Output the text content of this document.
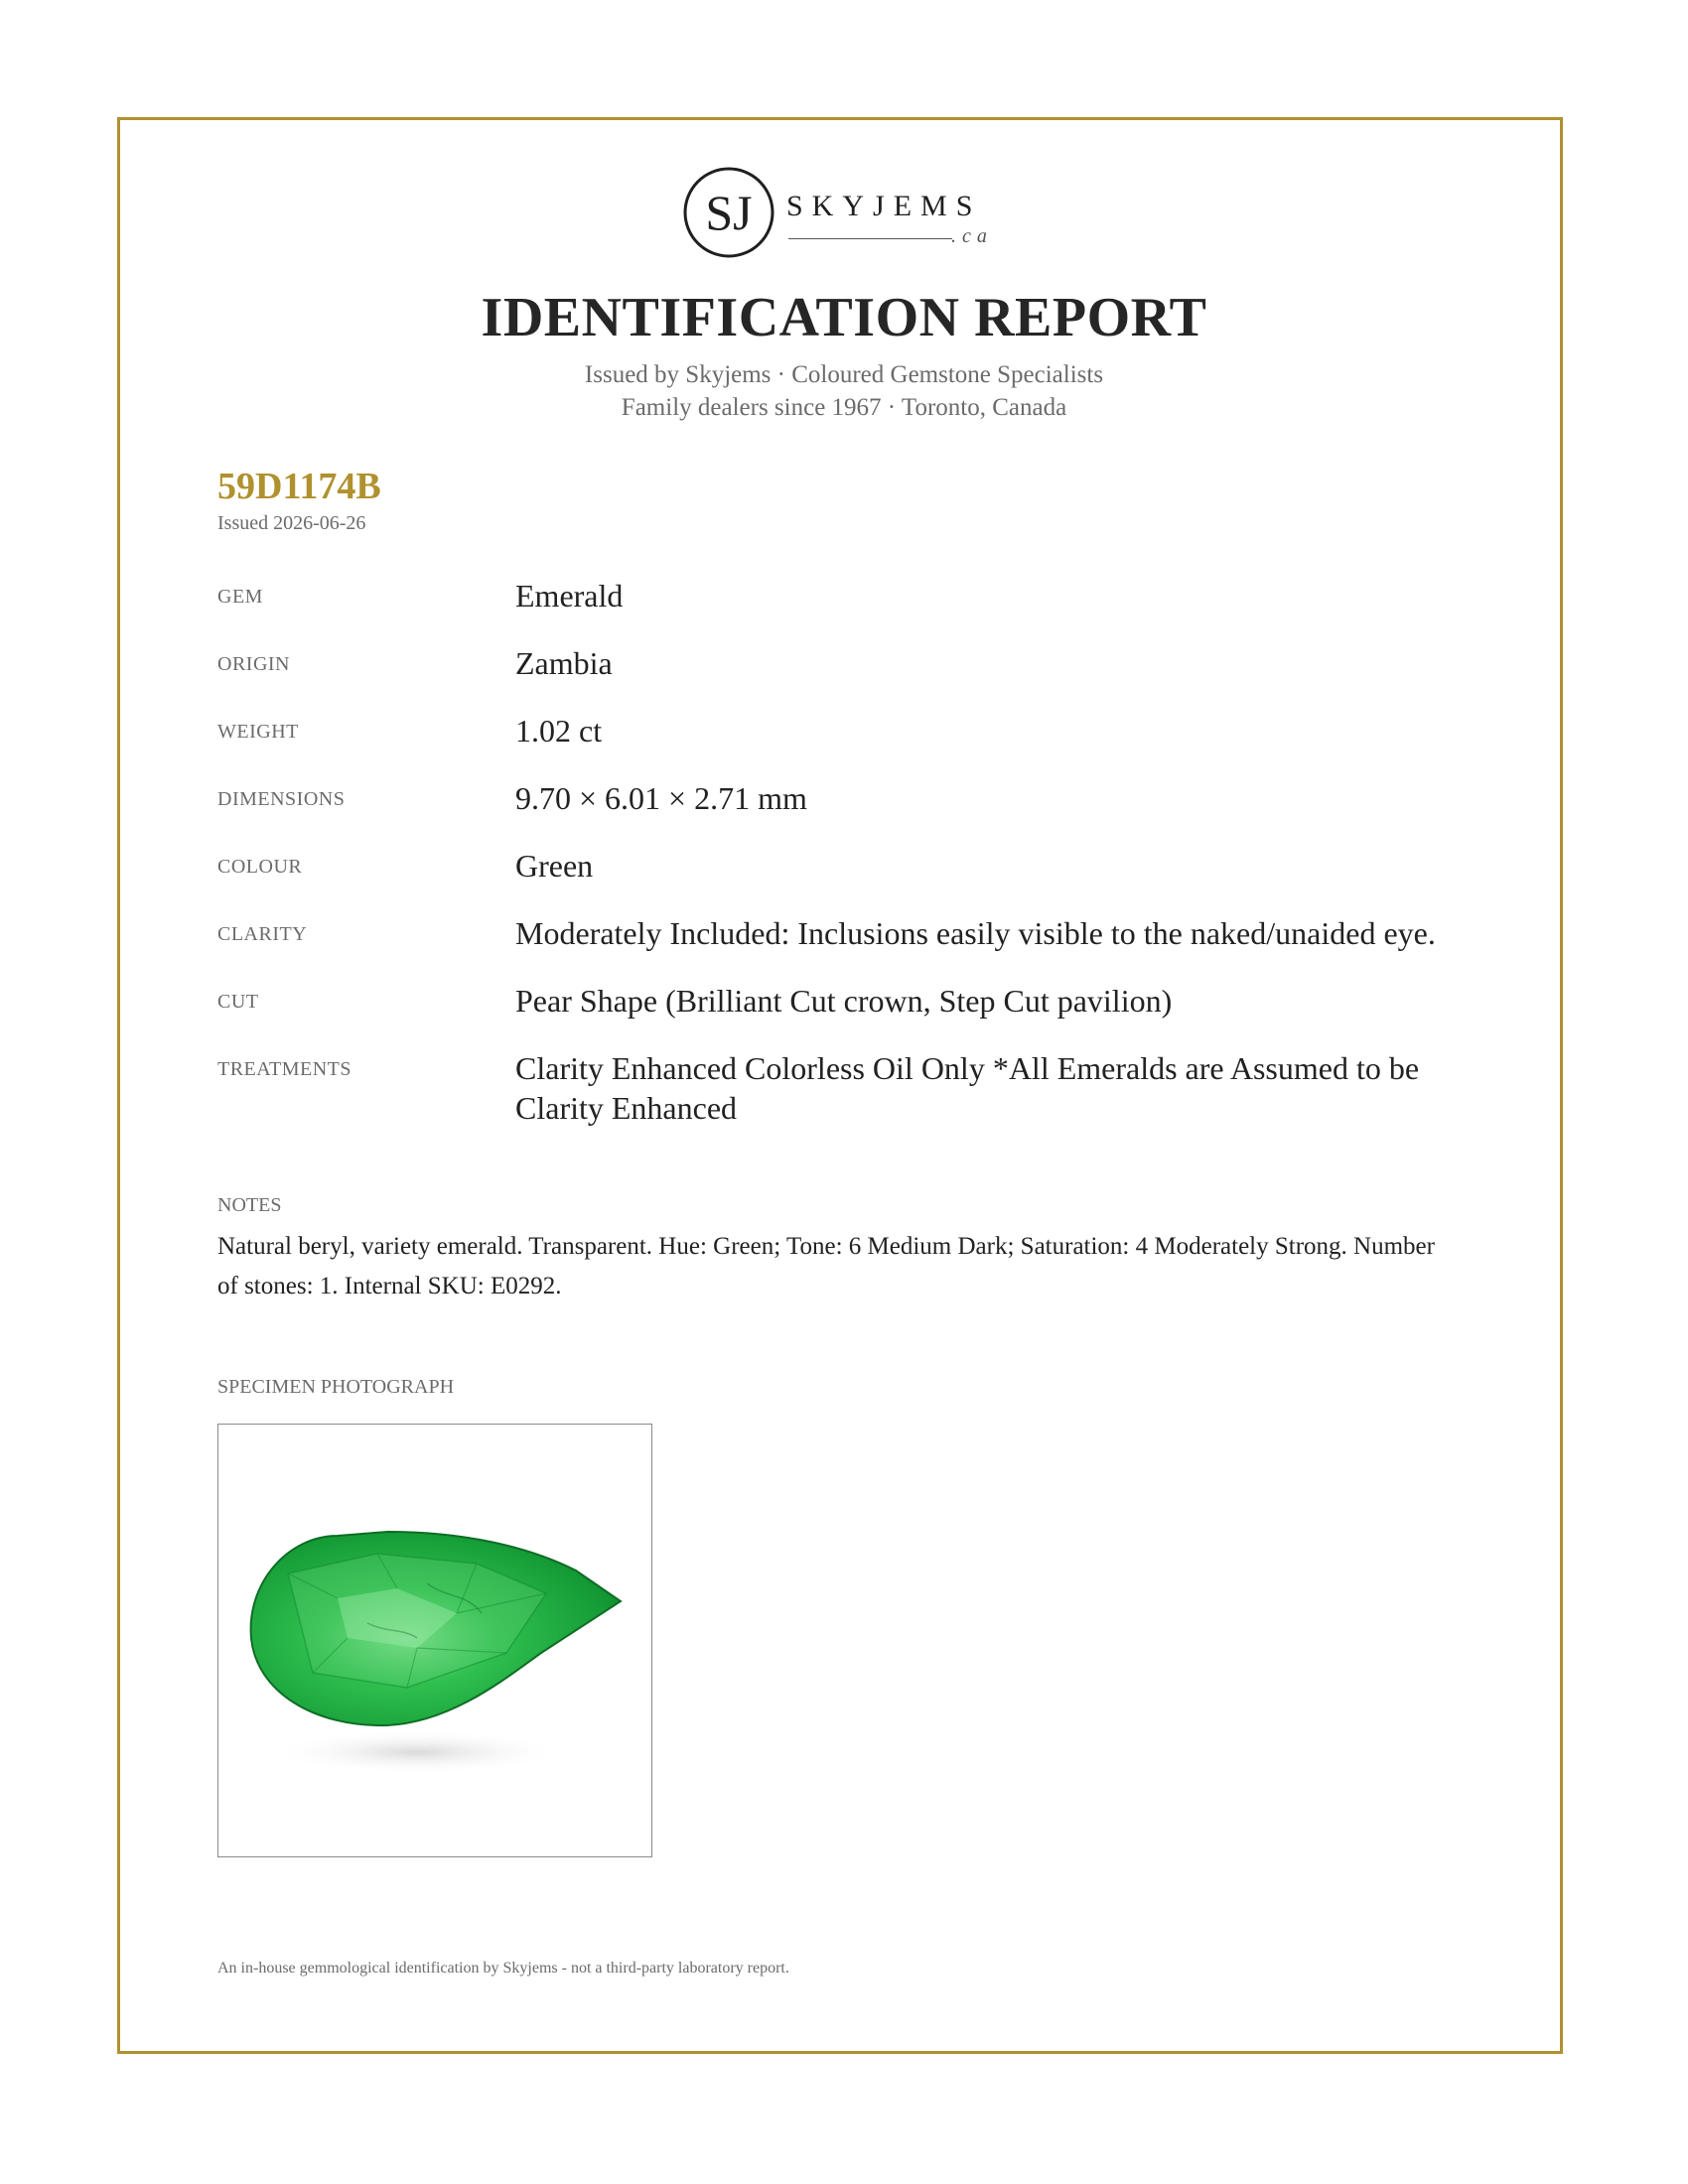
SJ SKYJEMS
.ca
IDENTIFICATION REPORT
Issued by Skyjems · Coloured Gemstone Specialists
Family dealers since 1967 · Toronto, Canada
59D1174B
Issued 2026-06-26
GEM	Emerald
ORIGIN	Zambia
WEIGHT	1.02 ct
DIMENSIONS	9.70 × 6.01 × 2.71 mm
COLOUR	Green
CLARITY	Moderately Included: Inclusions easily visible to the naked/unaided eye.
CUT	Pear Shape (Brilliant Cut crown, Step Cut pavilion)
TREATMENTS	Clarity Enhanced Colorless Oil Only *All Emeralds are Assumed to be Clarity Enhanced
NOTES
Natural beryl, variety emerald. Transparent. Hue: Green; Tone: 6 Medium Dark; Saturation: 4 Moderately Strong. Number of stones: 1. Internal SKU: E0292.
SPECIMEN PHOTOGRAPH
An in-house gemmological identification by Skyjems - not a third-party laboratory report.
